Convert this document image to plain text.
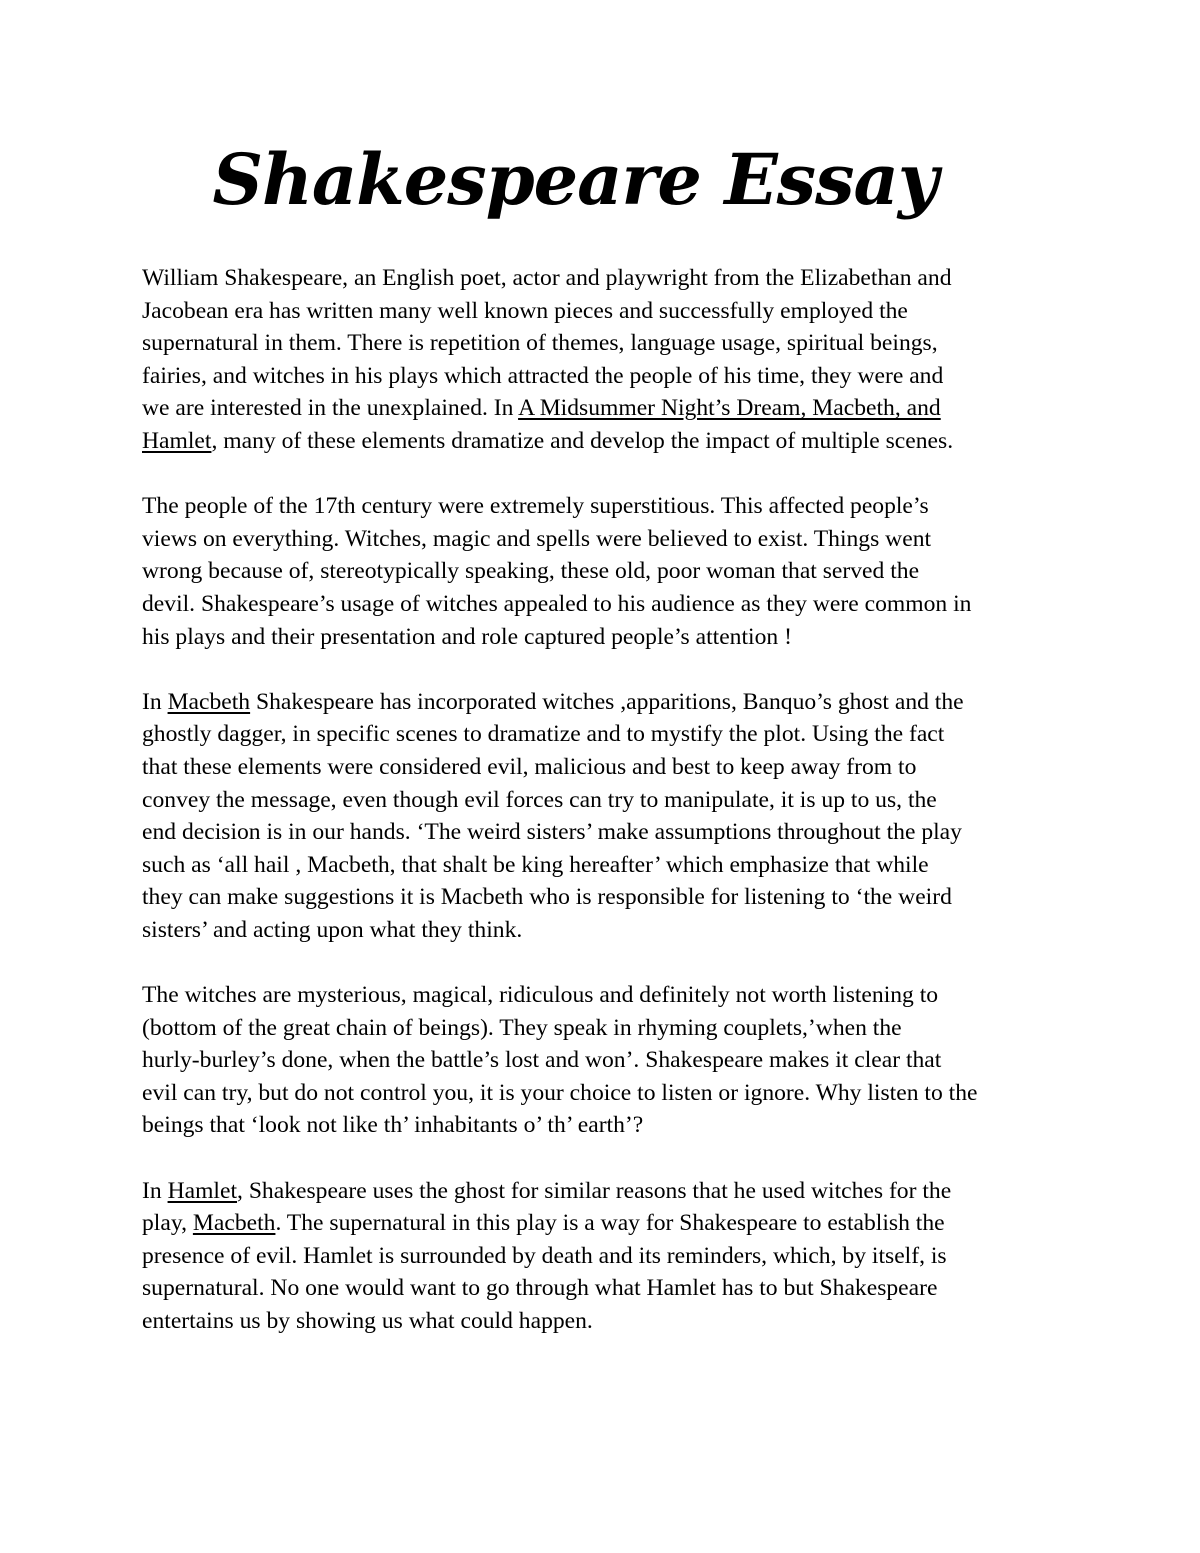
Shakespeare Essay

William Shakespeare, an English poet, actor and playwright from the Elizabethan and
Jacobean era has written many well known pieces and successfully employed the
supernatural in them. There is repetition of themes, language usage, spiritual beings,
fairies, and witches in his plays which attracted the people of his time, they were and
we are interested in the unexplained. In A Midsummer Night’s Dream, Macbeth, and
Hamlet, many of these elements dramatize and develop the impact of multiple scenes.

The people of the 17th century were extremely superstitious. This affected people’s
views on everything. Witches, magic and spells were believed to exist. Things went
wrong because of, stereotypically speaking, these old, poor woman that served the
devil. Shakespeare’s usage of witches appealed to his audience as they were common in
his plays and their presentation and role captured people’s attention !

In Macbeth Shakespeare has incorporated witches ,apparitions, Banquo’s ghost and the
ghostly dagger, in specific scenes to dramatize and to mystify the plot. Using the fact
that these elements were considered evil, malicious and best to keep away from to
convey the message, even though evil forces can try to manipulate, it is up to us, the
end decision is in our hands. ‘The weird sisters’ make assumptions throughout the play
such as ‘all hail , Macbeth, that shalt be king hereafter’ which emphasize that while
they can make suggestions it is Macbeth who is responsible for listening to ‘the weird
sisters’ and acting upon what they think.

The witches are mysterious, magical, ridiculous and definitely not worth listening to
(bottom of the great chain of beings). They speak in rhyming couplets,’when the
hurly-burley’s done, when the battle’s lost and won’. Shakespeare makes it clear that
evil can try, but do not control you, it is your choice to listen or ignore. Why listen to the
beings that ‘look not like th’ inhabitants o’ th’ earth’?

In Hamlet, Shakespeare uses the ghost for similar reasons that he used witches for the
play, Macbeth. The supernatural in this play is a way for Shakespeare to establish the
presence of evil. Hamlet is surrounded by death and its reminders, which, by itself, is
supernatural. No one would want to go through what Hamlet has to but Shakespeare
entertains us by showing us what could happen.
